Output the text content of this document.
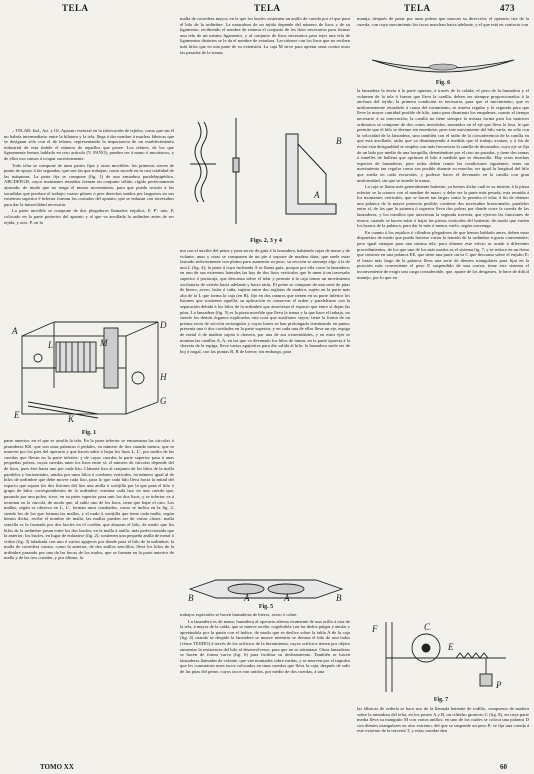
TELA	TELA	TELA	473

– TELAR: Ind., Art. y Of. Aparato esencial en la fabricación de tejidos, como que sin él no habría intermediario entre la hilatura y la tela, llega á dar nombre á muchas fábricas que se designan sólo con el de telares, representando la importancia de un establecimiento industrial de esta índole el número de aquellos que posee. Los telares, de los que ligeramente hemos hablado en otro artículo (V. PAÑO), pueden ser á mano ó mecánicos, y de ellos nos vamos á ocupar sucesivamente.

Todo telar se compone de unas partes fijas y otras movibles: las primeras sirven de punto de apoyo á las segundas, que son las que trabajan, como sucede en la casi totalidad de las máquinas. La parte fija se compone (fig. 1) de una armadura paralelepipédica, ABCDEFGH, cuyos montantes reunidos forman un conjunto sólido, rígido perfectamente ajustado, de modo que no tenga el menor movimiento, para que pueda resistir á las sacudidas que produce el trabajo; cuatro pilares ó pies derechos unidos por largueros en sus extremos superior é inferior forman los costados del aparato, que se enlazan con travesaños para dar la inmovilidad necesaria.

La parte movible se compone de dos plegadores llamados enjulios, P, P': uno, P, colocado en la parte posterior del aparato y al que va arrollada la urdimbre antes de ser tejida, y otro, P, en la

A
E
D
H
G
L	M
K
Fig. 1

parte anterior, en el que se arrolla la tela. En la parte inferior se encuentran las cárcolas ó pisanderas KK, que son unas palancas ó pedales, en número de dos cuando menos, que se mueven por los pies del operario y que hacen subir ó bajar los lizos L, L', por medio de las cuerdas que llevan en la parte inferior, y de cuyas cuerdas la parte superior pasa á unas pequeñas poleas, cuyas cuerdas unen los lizos entre sí; el número de cárcolas depende del de lizos, pues éste hasta uno por cada lizo. Llámase lizo al conjunto de los hilos de la malla paralelos y horizontales, unidos por unos hilos ó cordones verticales, en número igual al de hilos de urdimbre que debe mover cada lizo, para lo que cada hilo lleva hacia la mitad del espacio que separa los dos listones del lizo una anilla ó sortijilla por la que pasa el hilo ó grupo de hilos correspondientes de la urdimbre; termina cada lizo en una cuerda que, pasando por una polea, sirve, en su parte superior para unir los dos lizos, y se inferior va á terminar en la cárcola, de modo que, al subir uno de los lizos, tiene que bajar el otro. Las mallas, según se observa en L, L', forman unos cuadrados, como se indica en la fig. 2, siendo los de los que forman las mallas, y el nudo ó sortijilla que tiene cada malla, según hemos dicho, recibe el nombre de malla; las mallas pueden ser de varias clases: malla sencilla es la formada por dos bucles en el cordón, que abrazan el hilo, de modo que los hilos de la urdimbre pasan entre los dos bucles; en la malla á anillo, más perfeccionada que la anterior, los bucles, en lugar de enlazarse (fig. 2), sostienen una pequeña anilla de metal ó vidrio (fig. 3) taladrada con uno ó varios agujeros por donde pasa el hilo de la urdimbre; la malla de corredera consta, como la anterior, de dos anillos sencillos; lleva los hilos de la urdimbre pasando por una de las bocas de los nudos, que se forman en la parte anterior de malla y de las tres cuerdas, y por último, la

malla de corredera mayor, en la que los bucles sostienen un anillo de cuerda por el que pasa el hilo de la urdimbre. La naturaleza de un tejido depende del número de lizos y de su ligamento, recibiendo el nombre de remesa el conjunto de los lizos necesarios para formar una tela de un mismo ligamento, y al conjunto de lizos necesarios para tejer una tela de ligamentos distintos se le da el nombre de aviadura. Lecciónese con los lizos que no reciben más hilos que en una parte de su extensión. La caja M sirve para apretar unas contra otras las pasadas de la trama;

B
A
Figs. 2, 3 y 4

ma con el auxilio del peine y para servir de guía á la lanzadera, habiendo cajas de mano y de volante; unas y otras se componen de un pie ó soporte de madera dura, que suele estar lastrado inferiormente con plomo para aumentar su peso; su sección se asemeja algo á la de una L (fig. 4); la parte á cuya inclinada A se llama guía, porque por ella corre la lanzadera; en uno de sus extremos laterales las hay de dos lizos verticales que le unen á un travesaño superior ó portacaja, que descansa sobre el telar y permite á la caja tomar un movimiento oscilatorio de vaivén hacia adelante y hacia atrás. El peine se compone de una serie de púas de hierro, acero, latón ó caña, sujetas entre dos reglatas de madera, sujeto en la parte más alta de la L que forma la caja (en B), fijo en dos ranuras que tienen en su parte inferior los listones que sostienen aquélla; su aplicación es conservar el orden y paralelismo con la separación debida á los hilos de la urdimbre que atraviesan el espacio que entre sí dejan las púas. La lanzadera (fig. 5) es la pieza movible que lleva la trama y la que hace el trabajo, no siendo los demás órganos explicados otra cosa que auxiliares suyos; tiene la forma de un prisma recto de sección rectangular y cuyas bases se han prolongado terminando en punta; presenta una ó dos cavidades en la parte superior, y en cada una de ellas lleva un eje, espiga de metal ó de madera sujeta á chaveta, por una de sus extremidades, y en estos ejes se montan las canillas A, A, en las que va devanado los hilos de trama; en la parte opuesta á la chaveta de la espiga, lleva varios agujeritos para dar salida al hilo; la lanzadera suele ser de boj ó nogal, con las puntas B, B de hierro; sin embargo, para

B	A	A	B
Fig. 5

trabajos especiales se hacen lanzaderas de hierro, acero ó cobre.

La lanzadera es de mano, lanzadera al operario alterna tivamente de una orilla á otra de la tela, á mayor de la caída, que se mueve recibe, cogiéndola con las dedos pulgar y anular y apretándola por la punta con el índice, de modo que se deslice sobre la tabla A de la caja (fig. 4) cuando se despide la lanzadera se mueve mientras se devana el hilo de una lados (véase TEJIDO) á través de los orificios de la herramienta, cuyos orificios tienen por objeto aumentar la resistencia del hilo al desenvolverse, para que no se atirantase. Otras lanzaderas se hacen de forma curva (fig. 6) para facilitar su deslizamiento. También se hacen lanzaderas llamadas de volante, que van montadas sobre ruedas, y se mueven por el impulso que les comunican unos tacos colocados en unas cuerdas que lleva la caja, después de salir de las púas del peine, cuyos tacos van unidos, por medio de dos cuerdas, á una

manija, después de pasar por unas poleas que marcan su dirección; el operario tira de la cuerda, con cuyo movimiento los tacos marchan hacia adelante, y el que está en contacto con

Fig. 6

la lanzadera la envía á la parte opuesta, á través de la calada; el peso de la lanzadera y el volumen de la tela ó fuerza que lleva la canilla, deben ser siempre proporcionados á la anchura del tejido; la primera condición es necesaria, para que el movimiento, que es uniformemente retardado á causa del rozamiento, se mueva regular y la segunda para que lleve la mayor cantidad posible de hilo, tanto para disminuir los empalmes, cuanto el tiempo necesario á su renovación; la canilla no tiene siempre la misma forma para los matrices ordinarios se compone de dos conos invertidos, montados en el eje que lleva la losa, le que permite que el hilo se devane sin enredarse; pero este movimiento del hilo varía, no sólo con la velocidad de la lanzadera, sino también con el radio de la circunferencia de la canilla en que está arrollado, radio que va disminuyendo á medida que el trabajo avanza, y á fin de evitar esta desigualdad se emplea con más frecuencia la canilla de devanador, cuyo eje se fija de un lado por medio de una horquilla, deteniéndose por el otro un pasador, y tiene dos ramas ó muelles de ballena que oprimen el hilo á medida que se desarrolla. Hay otras muchas especies de lanzaderas, pero todas deben reunir las condiciones siguientes: tener un movimiento tan regular como sea posible durante su marcha; ser igual la longitud del hilo que suelta en cada excursión, y poderse hacer el devanado en la canilla con gran uniformidad, sin que se enrede la trama.

La caja se llama más generalmente batiente; ya hemos dicho cuál es su misión; á la pieza inferior se la conoce con el nombre de mazo, y debe ser la parte más pesada; esta reunida á los montantes verticales, que se hacen tan largos como lo permita el telar, á fin de obtener una palanca de la mayor potencia posible; contiene dos travesaños horizontales, paralelos entre sí, de los que la primera ó superior lleva dos poleas por donde corre la cuerda de las lanzaderas, y los tornillos que atraviesan la segunda travesía, que ejercen las funciones de tensor; cuando se hacen subir ó bajar las piezas verticales del batiente, de modo que varíen los brazos de la palanca, para dar la más ó menos vuelo, según convenga.

En cuanto á los enjulios ó cilindros plegadores de que hemos hablado antes, deben estar dispuestos de modo que pueda hacerse variar la tensión de la urdimbre á gusto conveniente; pero igual siempre para una misma tela; para obtener este efecto se acude á diferentes procedimientos, de los que uno de los más usados es el sistema fig. 7, y se reduce en un freno que consiste en una palanca EE, que tiene una parte curva C que descansa sobre el enjulio E; el brazo más largo de la palanca lleva una serie de dientes triangulares para fijar en la posición más conveniente el peso P, suspendido de una correa; tiene este sistema el inconveniente de exigir una carga considerable, que, aparte de los desgastes, le hace de difícil manejo, por lo que en

F	C
E
P
Fig. 7

las fábricas de sedería se hace uso de la llamada batiente de rodillo, compuesto de madera sobre la armadura del telar, en los postes A y B, un cilindro giratorio C (fig. 8), en cuya parte media lleva su manguito M con varios anillos; en uno de los cuales se coloca una palanca D con dientes triangulares en otro extremo, del que se suspende un peso P; se fija una cuerda á este extremo de la travesía T, y estas cuerdas dan

TOMO XX	60
